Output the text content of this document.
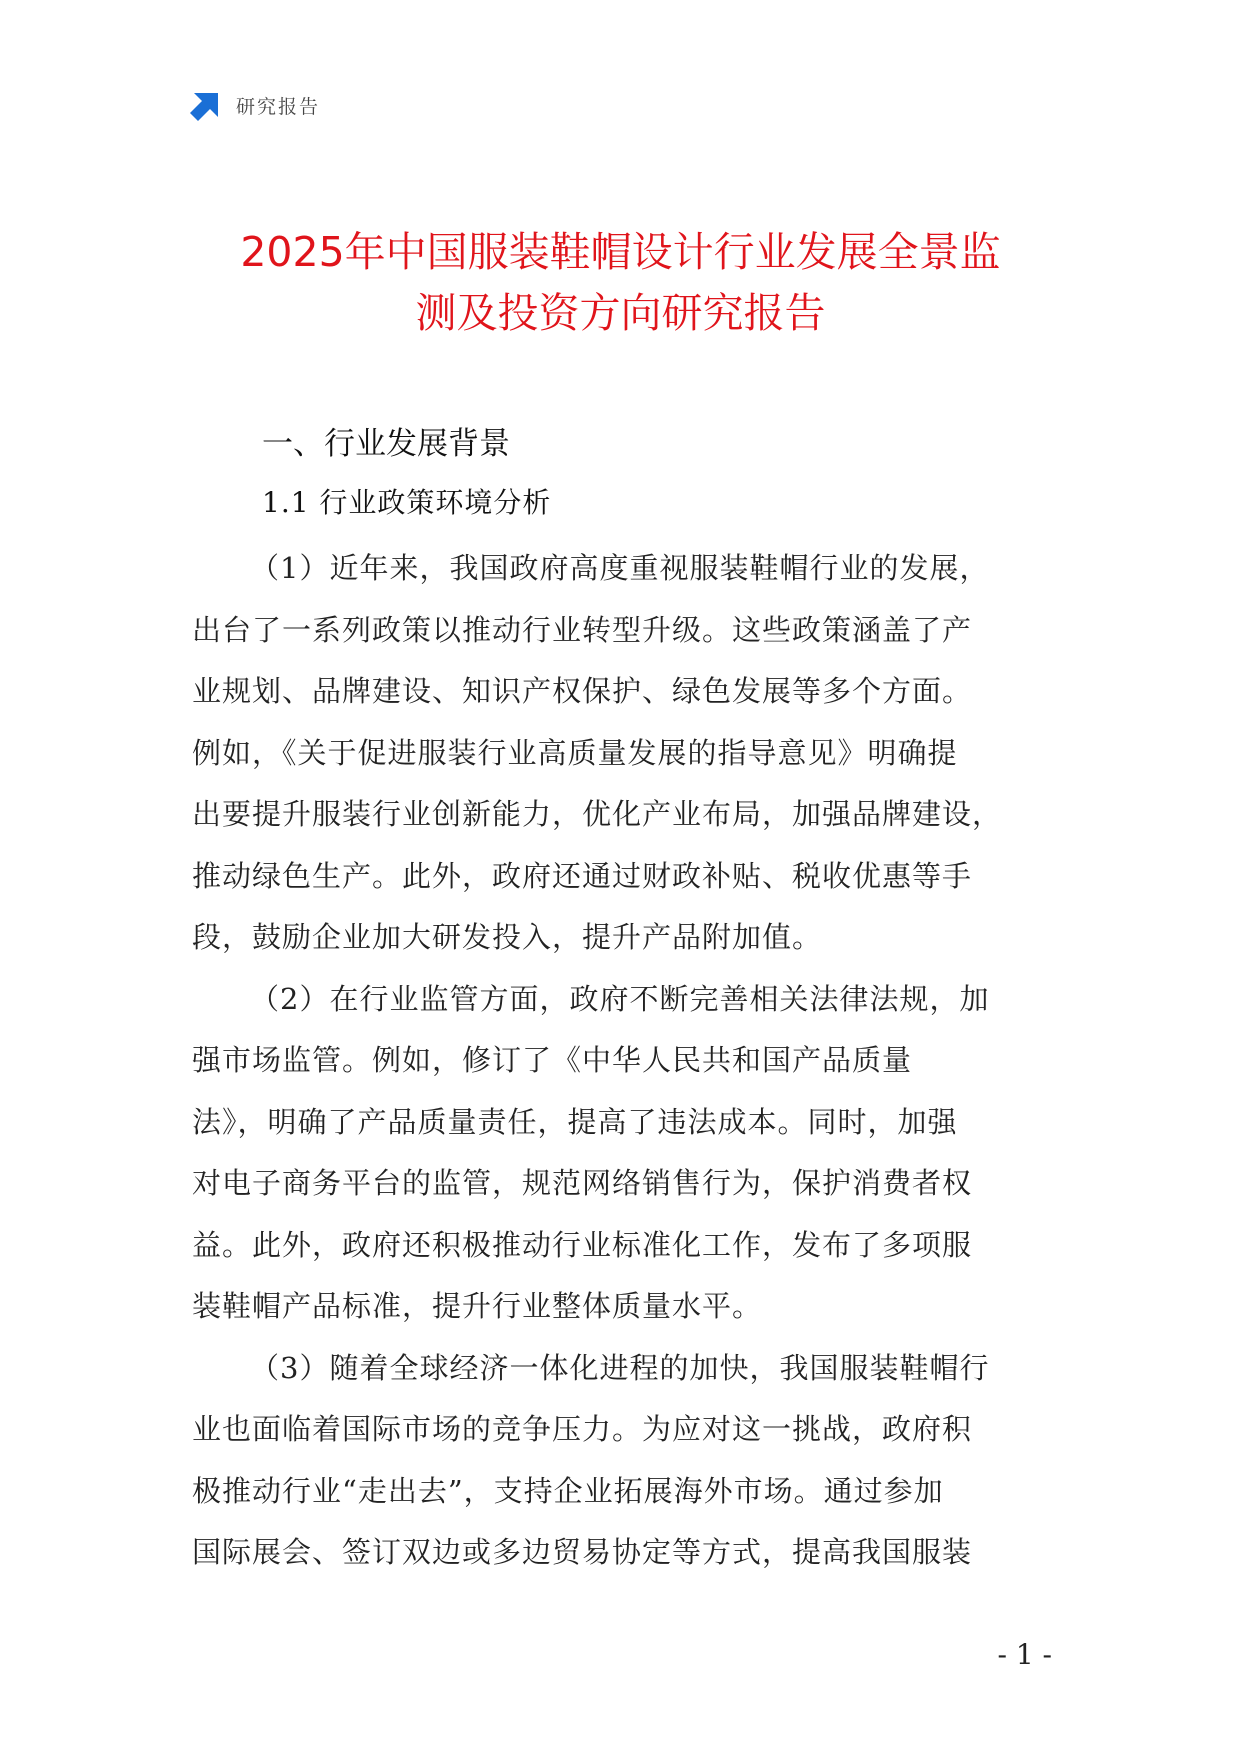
研究报告
2025年中国服装鞋帽设计行业发展全景监
测及投资方向研究报告
一、行业发展背景
1.1 行业政策环境分析

（1）近年来，我国政府高度重视服装鞋帽行业的发展，
出台了一系列政策以推动行业转型升级。这些政策涵盖了产
业规划、品牌建设、知识产权保护、绿色发展等多个方面。
例如，《关于促进服装行业高质量发展的指导意见》明确提
出要提升服装行业创新能力，优化产业布局，加强品牌建设，
推动绿色生产。此外，政府还通过财政补贴、税收优惠等手
段，鼓励企业加大研发投入，提升产品附加值。

（2）在行业监管方面，政府不断完善相关法律法规，加
强市场监管。例如，修订了《中华人民共和国产品质量
法》，明确了产品质量责任，提高了违法成本。同时，加强
对电子商务平台的监管，规范网络销售行为，保护消费者权
益。此外，政府还积极推动行业标准化工作，发布了多项服
装鞋帽产品标准，提升行业整体质量水平。

（3）随着全球经济一体化进程的加快，我国服装鞋帽行
业也面临着国际市场的竞争压力。为应对这一挑战，政府积
极推动行业“走出去”，支持企业拓展海外市场。通过参加
国际展会、签订双边或多边贸易协定等方式，提高我国服装

- 1 -
